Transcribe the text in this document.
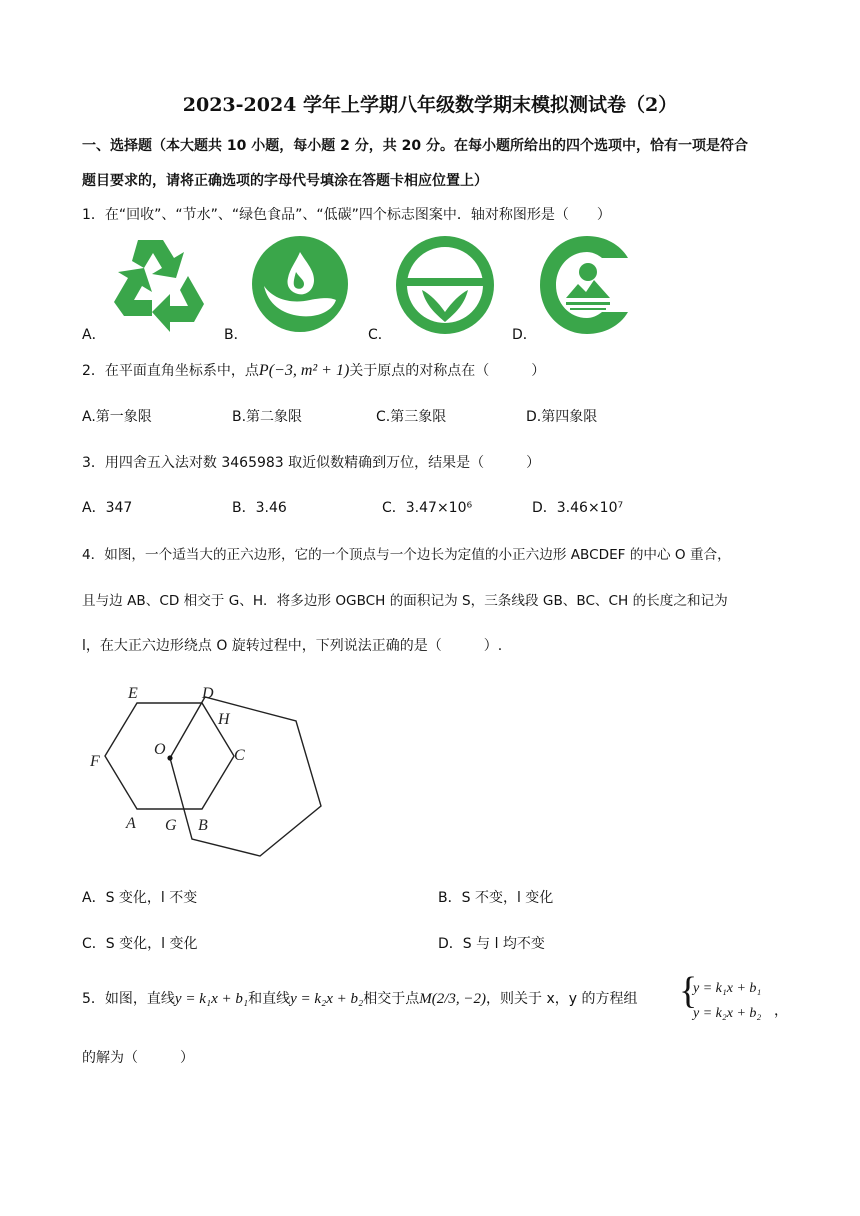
2023-2024 学年上学期八年级数学期末模拟测试卷（2）
一、选择题（本大题共 10 小题，每小题 2 分，共 20 分。在每小题所给出的四个选项中，恰有一项是符合
题目要求的，请将正确选项的字母代号填涂在答题卡相应位置上）
1．在“回收”、“节水”、“绿色食品”、“低碳”四个标志图案中．轴对称图形是（　　）
A．	B．	C．	D．
2．在平面直角坐标系中，点P(−3, m² + 1)关于原点的对称点在（　　　）
A.第一象限	B.第二象限	C.第三象限	D.第四象限
3．用四舍五入法对数 3465983 取近似数精确到万位，结果是（　　　）
A．347	B．3.46	C．3.47×10⁶	D．3.46×10⁷
4．如图，一个适当大的正六边形，它的一个顶点与一个边长为定值的小正六边形 ABCDEF 的中心 O 重合，
且与边 AB、CD 相交于 G、H．将多边形 OGBCH 的面积记为 S，三条线段 GB、BC、CH 的长度之和记为
l，在大正六边形绕点 O 旋转过程中，下列说法正确的是（　　　）.
A	B
C
D
E
F
G
H
O
A．S 变化，l 不变	B．S 不变，l 变化
C．S 变化，l 变化	D．S 与 l 均不变
5．如图，直线y = k₁x + b₁和直线y = k₂x + b₂相交于点M(2/3, −2)，则关于 x，y 的方程组 {
y = k₁x + b₁
y = k₂x + b₂ ，
的解为（　　　）
